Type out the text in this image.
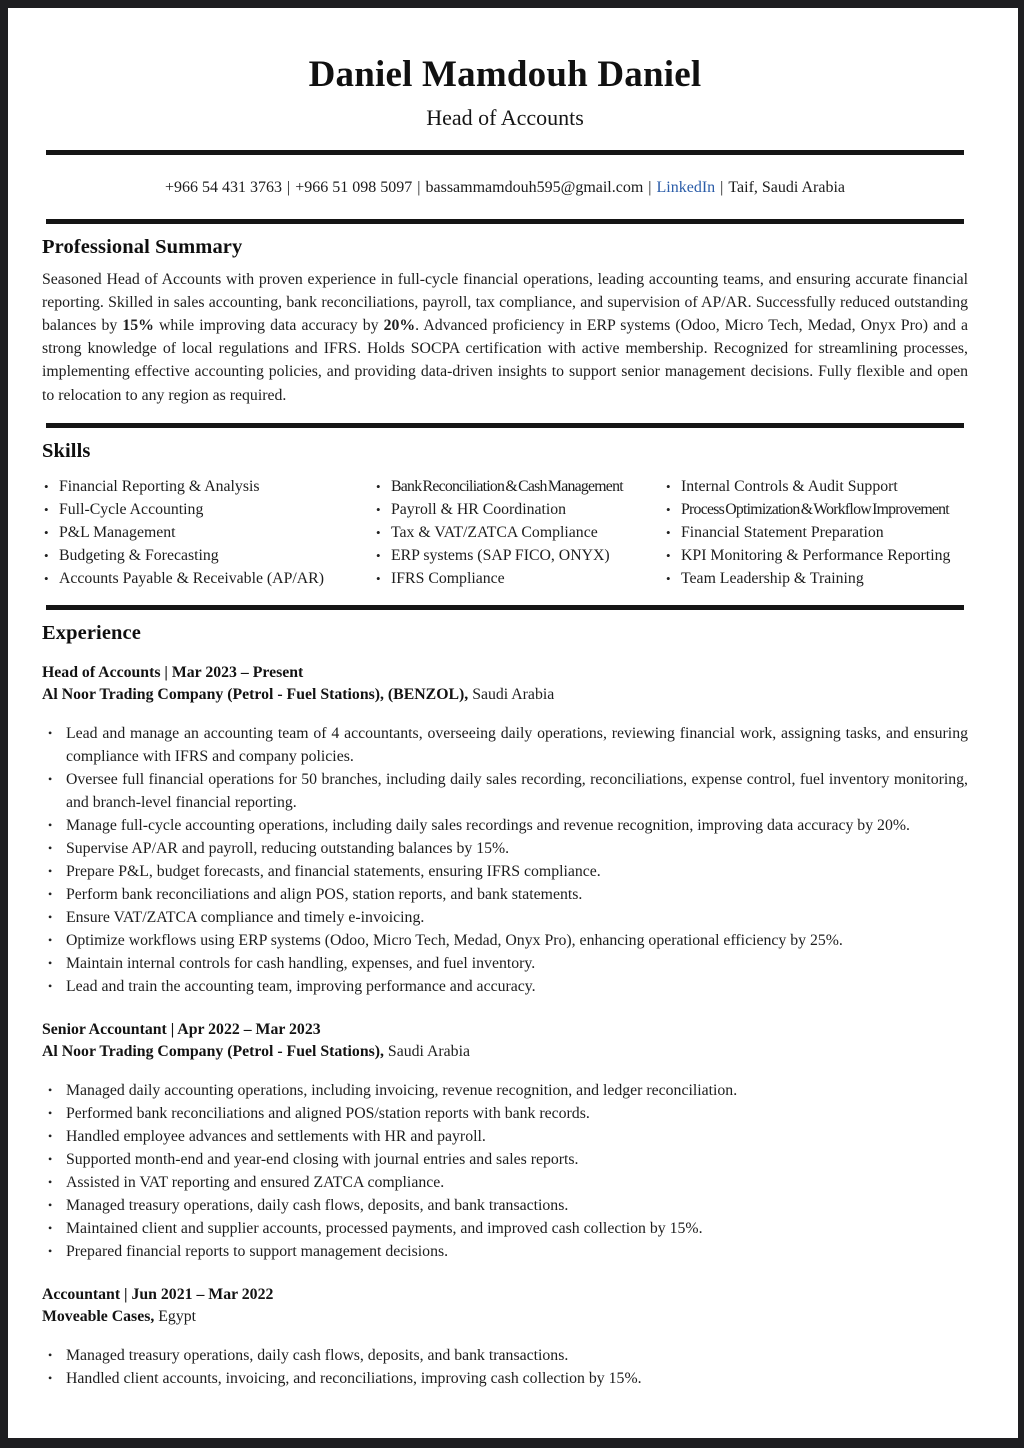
Daniel Mamdouh Daniel
Head of Accounts
+966 54 431 3763 | +966 51 098 5097 | bassammamdouh595@gmail.com | LinkedIn | Taif, Saudi Arabia
Professional Summary

Seasoned Head of Accounts with proven experience in full-cycle financial operations, leading accounting teams, and ensuring accurate financial reporting. Skilled in sales accounting, bank reconciliations, payroll, tax compliance, and supervision of AP/AR. Successfully reduced outstanding balances by 15% while improving data accuracy by 20%. Advanced proficiency in ERP systems (Odoo, Micro Tech, Medad, Onyx Pro) and a strong knowledge of local regulations and IFRS. Holds SOCPA certification with active membership. Recognized for streamlining processes, implementing effective accounting policies, and providing data-driven insights to support senior management decisions. Fully flexible and open to relocation to any region as required.

Skills
• Financial Reporting & Analysis
• Full-Cycle Accounting
• P&L Management
• Budgeting & Forecasting
• Accounts Payable & Receivable (AP/AR)
• Bank Reconciliation & Cash Management
• Payroll & HR Coordination
• Tax & VAT/ZATCA Compliance
• ERP systems (SAP FICO, ONYX)
• IFRS Compliance
• Internal Controls & Audit Support
• Process Optimization & Workflow Improvement
• Financial Statement Preparation
• KPI Monitoring & Performance Reporting
• Team Leadership & Training
Experience
Head of Accounts | Mar 2023 – Present

Al Noor Trading Company (Petrol - Fuel Stations), (BENZOL), Saudi Arabia

• Lead and manage an accounting team of 4 accountants, overseeing daily operations, reviewing financial work, assigning tasks, and ensuring compliance with IFRS and company policies.
• Oversee full financial operations for 50 branches, including daily sales recording, reconciliations, expense control, fuel inventory monitoring, and branch-level financial reporting.
• Manage full-cycle accounting operations, including daily sales recordings and revenue recognition, improving data accuracy by 20%.
• Supervise AP/AR and payroll, reducing outstanding balances by 15%.
• Prepare P&L, budget forecasts, and financial statements, ensuring IFRS compliance.
• Perform bank reconciliations and align POS, station reports, and bank statements.
• Ensure VAT/ZATCA compliance and timely e-invoicing.
• Optimize workflows using ERP systems (Odoo, Micro Tech, Medad, Onyx Pro), enhancing operational efficiency by 25%.
• Maintain internal controls for cash handling, expenses, and fuel inventory.
• Lead and train the accounting team, improving performance and accuracy.
Senior Accountant | Apr 2022 – Mar 2023

Al Noor Trading Company (Petrol - Fuel Stations), Saudi Arabia

• Managed daily accounting operations, including invoicing, revenue recognition, and ledger reconciliation.
• Performed bank reconciliations and aligned POS/station reports with bank records.
• Handled employee advances and settlements with HR and payroll.
• Supported month-end and year-end closing with journal entries and sales reports.
• Assisted in VAT reporting and ensured ZATCA compliance.
• Managed treasury operations, daily cash flows, deposits, and bank transactions.
• Maintained client and supplier accounts, processed payments, and improved cash collection by 15%.
• Prepared financial reports to support management decisions.
Accountant | Jun 2021 – Mar 2022

Moveable Cases, Egypt

• Managed treasury operations, daily cash flows, deposits, and bank transactions.
• Handled client accounts, invoicing, and reconciliations, improving cash collection by 15%.
